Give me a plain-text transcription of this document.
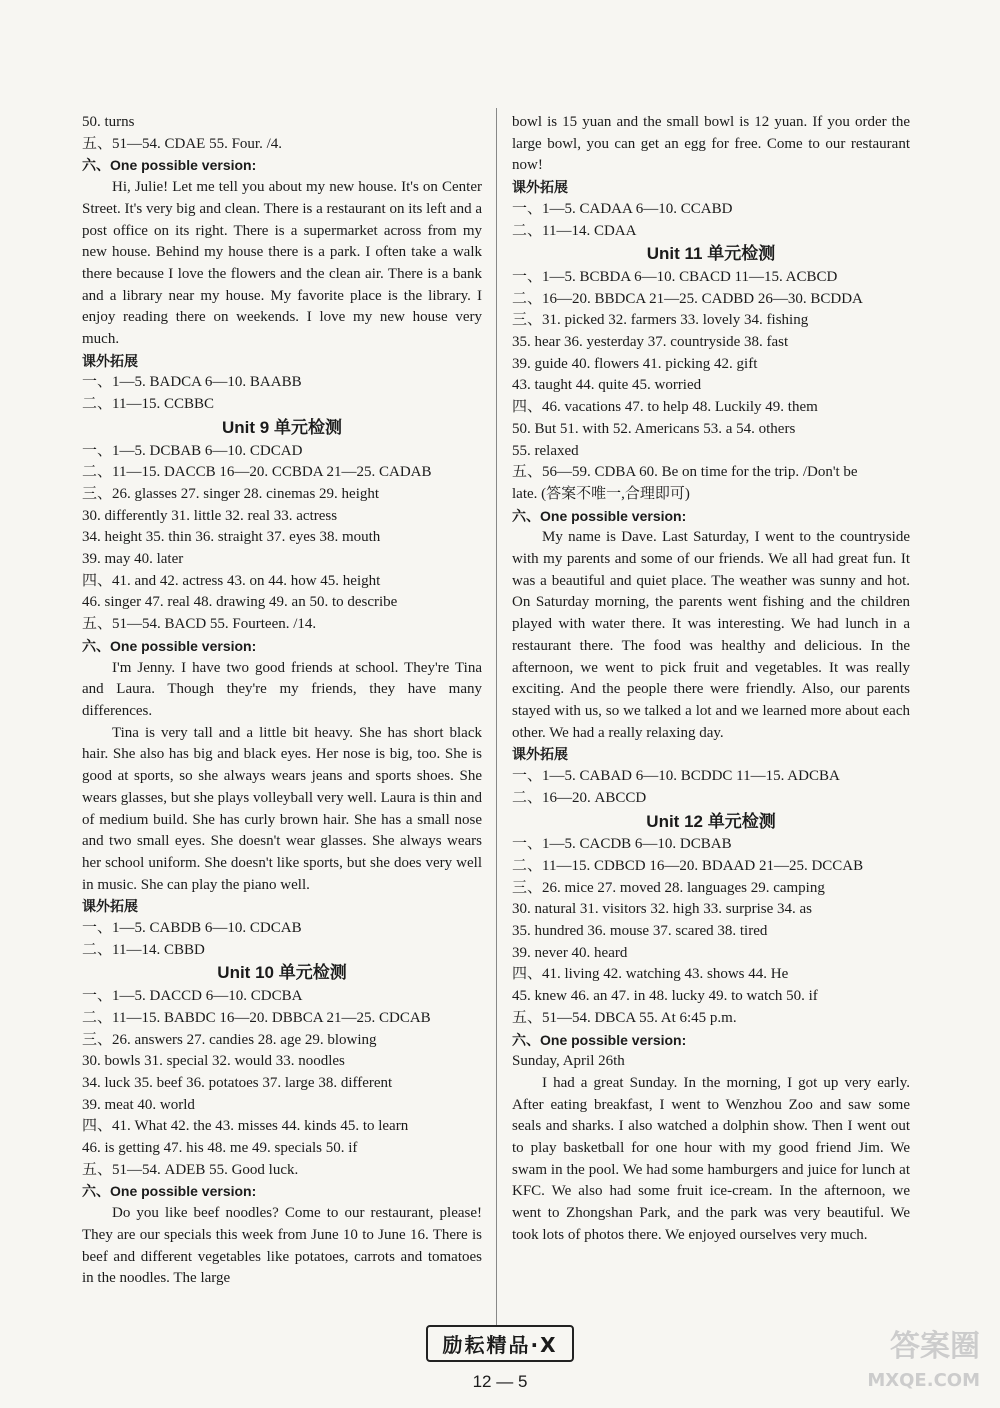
50. turns
五、51—54. CDAE 55. Four. /4.
六、One possible version:
Hi, Julie! Let me tell you about my new house. It's on Center Street. It's very big and clean. There is a restaurant on its left and a post office on its right. There is a supermarket across from my new house. Behind my house there is a park. I often take a walk there because I love the flowers and the clean air. There is a bank and a library near my house. My favorite place is the library. I enjoy reading there on weekends. I love my new house very much.
课外拓展
一、1—5. BADCA 6—10. BAABB
二、11—15. CCBBC
Unit 9 单元检测
一、1—5. DCBAB 6—10. CDCAD
二、11—15. DACCB 16—20. CCBDA 21—25. CADAB
三、26. glasses 27. singer 28. cinemas 29. height
30. differently 31. little 32. real 33. actress
34. height 35. thin 36. straight 37. eyes 38. mouth
39. may 40. later
四、41. and 42. actress 43. on 44. how 45. height
46. singer 47. real 48. drawing 49. an 50. to describe
五、51—54. BACD 55. Fourteen. /14.
六、One possible version:
I'm Jenny. I have two good friends at school. They're Tina and Laura. Though they're my friends, they have many differences.
Tina is very tall and a little bit heavy. She has short black hair. She also has big and black eyes. Her nose is big, too. She is good at sports, so she always wears jeans and sports shoes. She wears glasses, but she plays volleyball very well. Laura is thin and of medium build. She has curly brown hair. She has a small nose and two small eyes. She doesn't wear glasses. She always wears her school uniform. She doesn't like sports, but she does very well in music. She can play the piano well.
课外拓展
一、1—5. CABDB 6—10. CDCAB
二、11—14. CBBD
Unit 10 单元检测
一、1—5. DACCD 6—10. CDCBA
二、11—15. BABDC 16—20. DBBCA 21—25. CDCAB
三、26. answers 27. candies 28. age 29. blowing
30. bowls 31. special 32. would 33. noodles
34. luck 35. beef 36. potatoes 37. large 38. different
39. meat 40. world
四、41. What 42. the 43. misses 44. kinds 45. to learn
46. is getting 47. his 48. me 49. specials 50. if
五、51—54. ADEB 55. Good luck.
六、One possible version:
Do you like beef noodles? Come to our restaurant, please! They are our specials this week from June 10 to June 16. There is beef and different vegetables like potatoes, carrots and tomatoes in the noodles. The large
bowl is 15 yuan and the small bowl is 12 yuan. If you order the large bowl, you can get an egg for free. Come to our restaurant now!
课外拓展
一、1—5. CADAA 6—10. CCABD
二、11—14. CDAA
Unit 11 单元检测
一、1—5. BCBDA 6—10. CBACD 11—15. ACBCD
二、16—20. BBDCA 21—25. CADBD 26—30. BCDDA
三、31. picked 32. farmers 33. lovely 34. fishing
35. hear 36. yesterday 37. countryside 38. fast
39. guide 40. flowers 41. picking 42. gift
43. taught 44. quite 45. worried
四、46. vacations 47. to help 48. Luckily 49. them
50. But 51. with 52. Americans 53. a 54. others
55. relaxed
五、56—59. CDBA 60. Be on time for the trip. /Don't be
late. (答案不唯一,合理即可)
六、One possible version:
My name is Dave. Last Saturday, I went to the countryside with my parents and some of our friends. We all had great fun. It was a beautiful and quiet place. The weather was sunny and hot. On Saturday morning, the parents went fishing and the children played with water there. It was interesting. We had lunch in a restaurant there. The food was healthy and delicious. In the afternoon, we went to pick fruit and vegetables. It was really exciting. And the people there were friendly. Also, our parents stayed with us, so we talked a lot and we learned more about each other. We had a really relaxing day.
课外拓展
一、1—5. CABAD 6—10. BCDDC 11—15. ADCBA
二、16—20. ABCCD
Unit 12 单元检测
一、1—5. CACDB 6—10. DCBAB
二、11—15. CDBCD 16—20. BDAAD 21—25. DCCAB
三、26. mice 27. moved 28. languages 29. camping
30. natural 31. visitors 32. high 33. surprise 34. as
35. hundred 36. mouse 37. scared 38. tired
39. never 40. heard
四、41. living 42. watching 43. shows 44. He
45. knew 46. an 47. in 48. lucky 49. to watch 50. if
五、51—54. DBCA 55. At 6:45 p.m.
六、One possible version:
Sunday, April 26th
I had a great Sunday. In the morning, I got up very early. After eating breakfast, I went to Wenzhou Zoo and saw some seals and sharks. I also watched a dolphin show. Then I went out to play basketball for one hour with my good friend Jim. We swam in the pool. We had some hamburgers and juice for lunch at KFC. We also had some fruit ice-cream. In the afternoon, we went to Zhongshan Park, and the park was very beautiful. We took lots of photos there. We enjoyed ourselves very much.
励耘精品·X
12 — 5
答案圈
MXQE.COM
